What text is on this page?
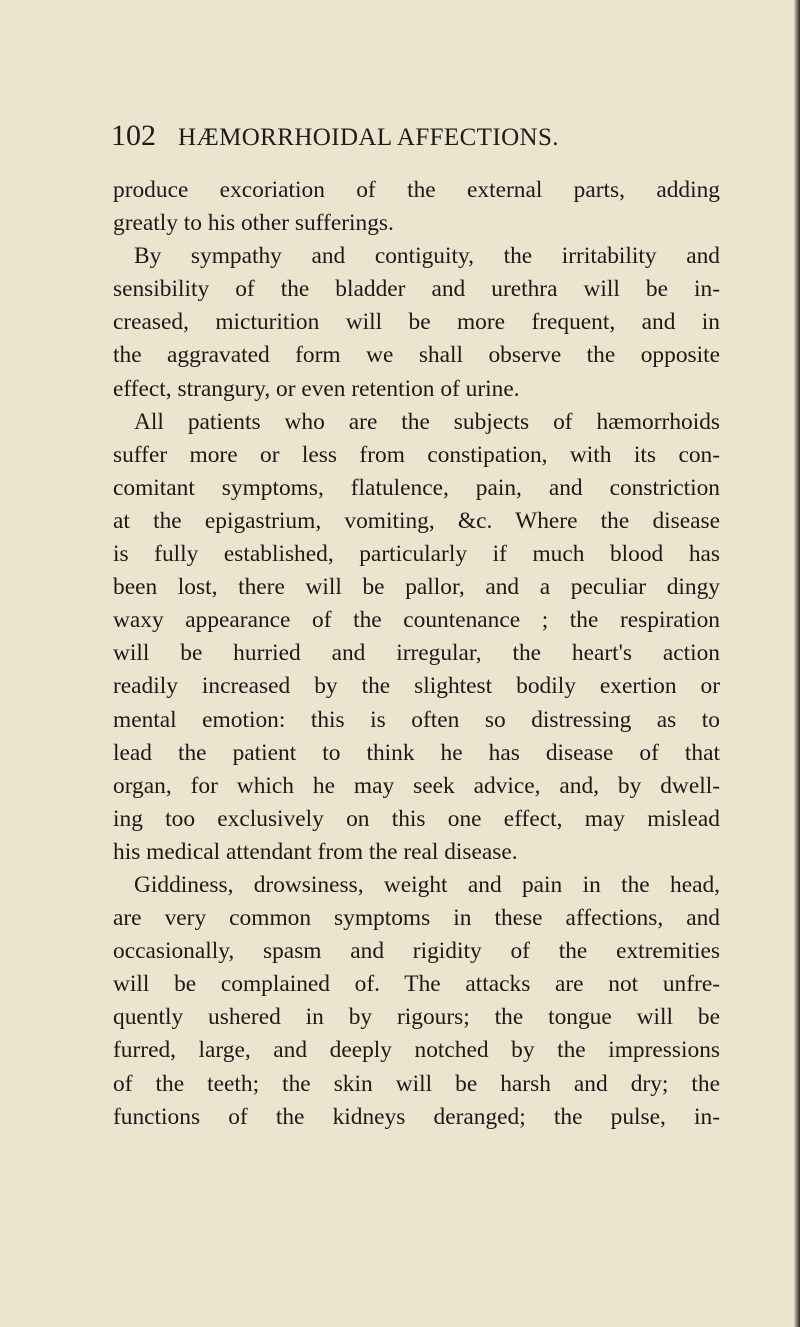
102 HÆMORRHOIDAL AFFECTIONS.
produce excoriation of the external parts, adding
greatly to his other sufferings.
By sympathy and contiguity, the irritability and
sensibility of the bladder and urethra will be in-
creased, micturition will be more frequent, and in
the aggravated form we shall observe the opposite
effect, strangury, or even retention of urine.
All patients who are the subjects of hæmorrhoids
suffer more or less from constipation, with its con-
comitant symptoms, flatulence, pain, and constriction
at the epigastrium, vomiting, &c. Where the disease
is fully established, particularly if much blood has
been lost, there will be pallor, and a peculiar dingy
waxy appearance of the countenance ; the respiration
will be hurried and irregular, the heart's action
readily increased by the slightest bodily exertion or
mental emotion: this is often so distressing as to
lead the patient to think he has disease of that
organ, for which he may seek advice, and, by dwell-
ing too exclusively on this one effect, may mislead
his medical attendant from the real disease.
Giddiness, drowsiness, weight and pain in the head,
are very common symptoms in these affections, and
occasionally, spasm and rigidity of the extremities
will be complained of. The attacks are not unfre-
quently ushered in by rigours; the tongue will be
furred, large, and deeply notched by the impressions
of the teeth; the skin will be harsh and dry; the
functions of the kidneys deranged; the pulse, in-
